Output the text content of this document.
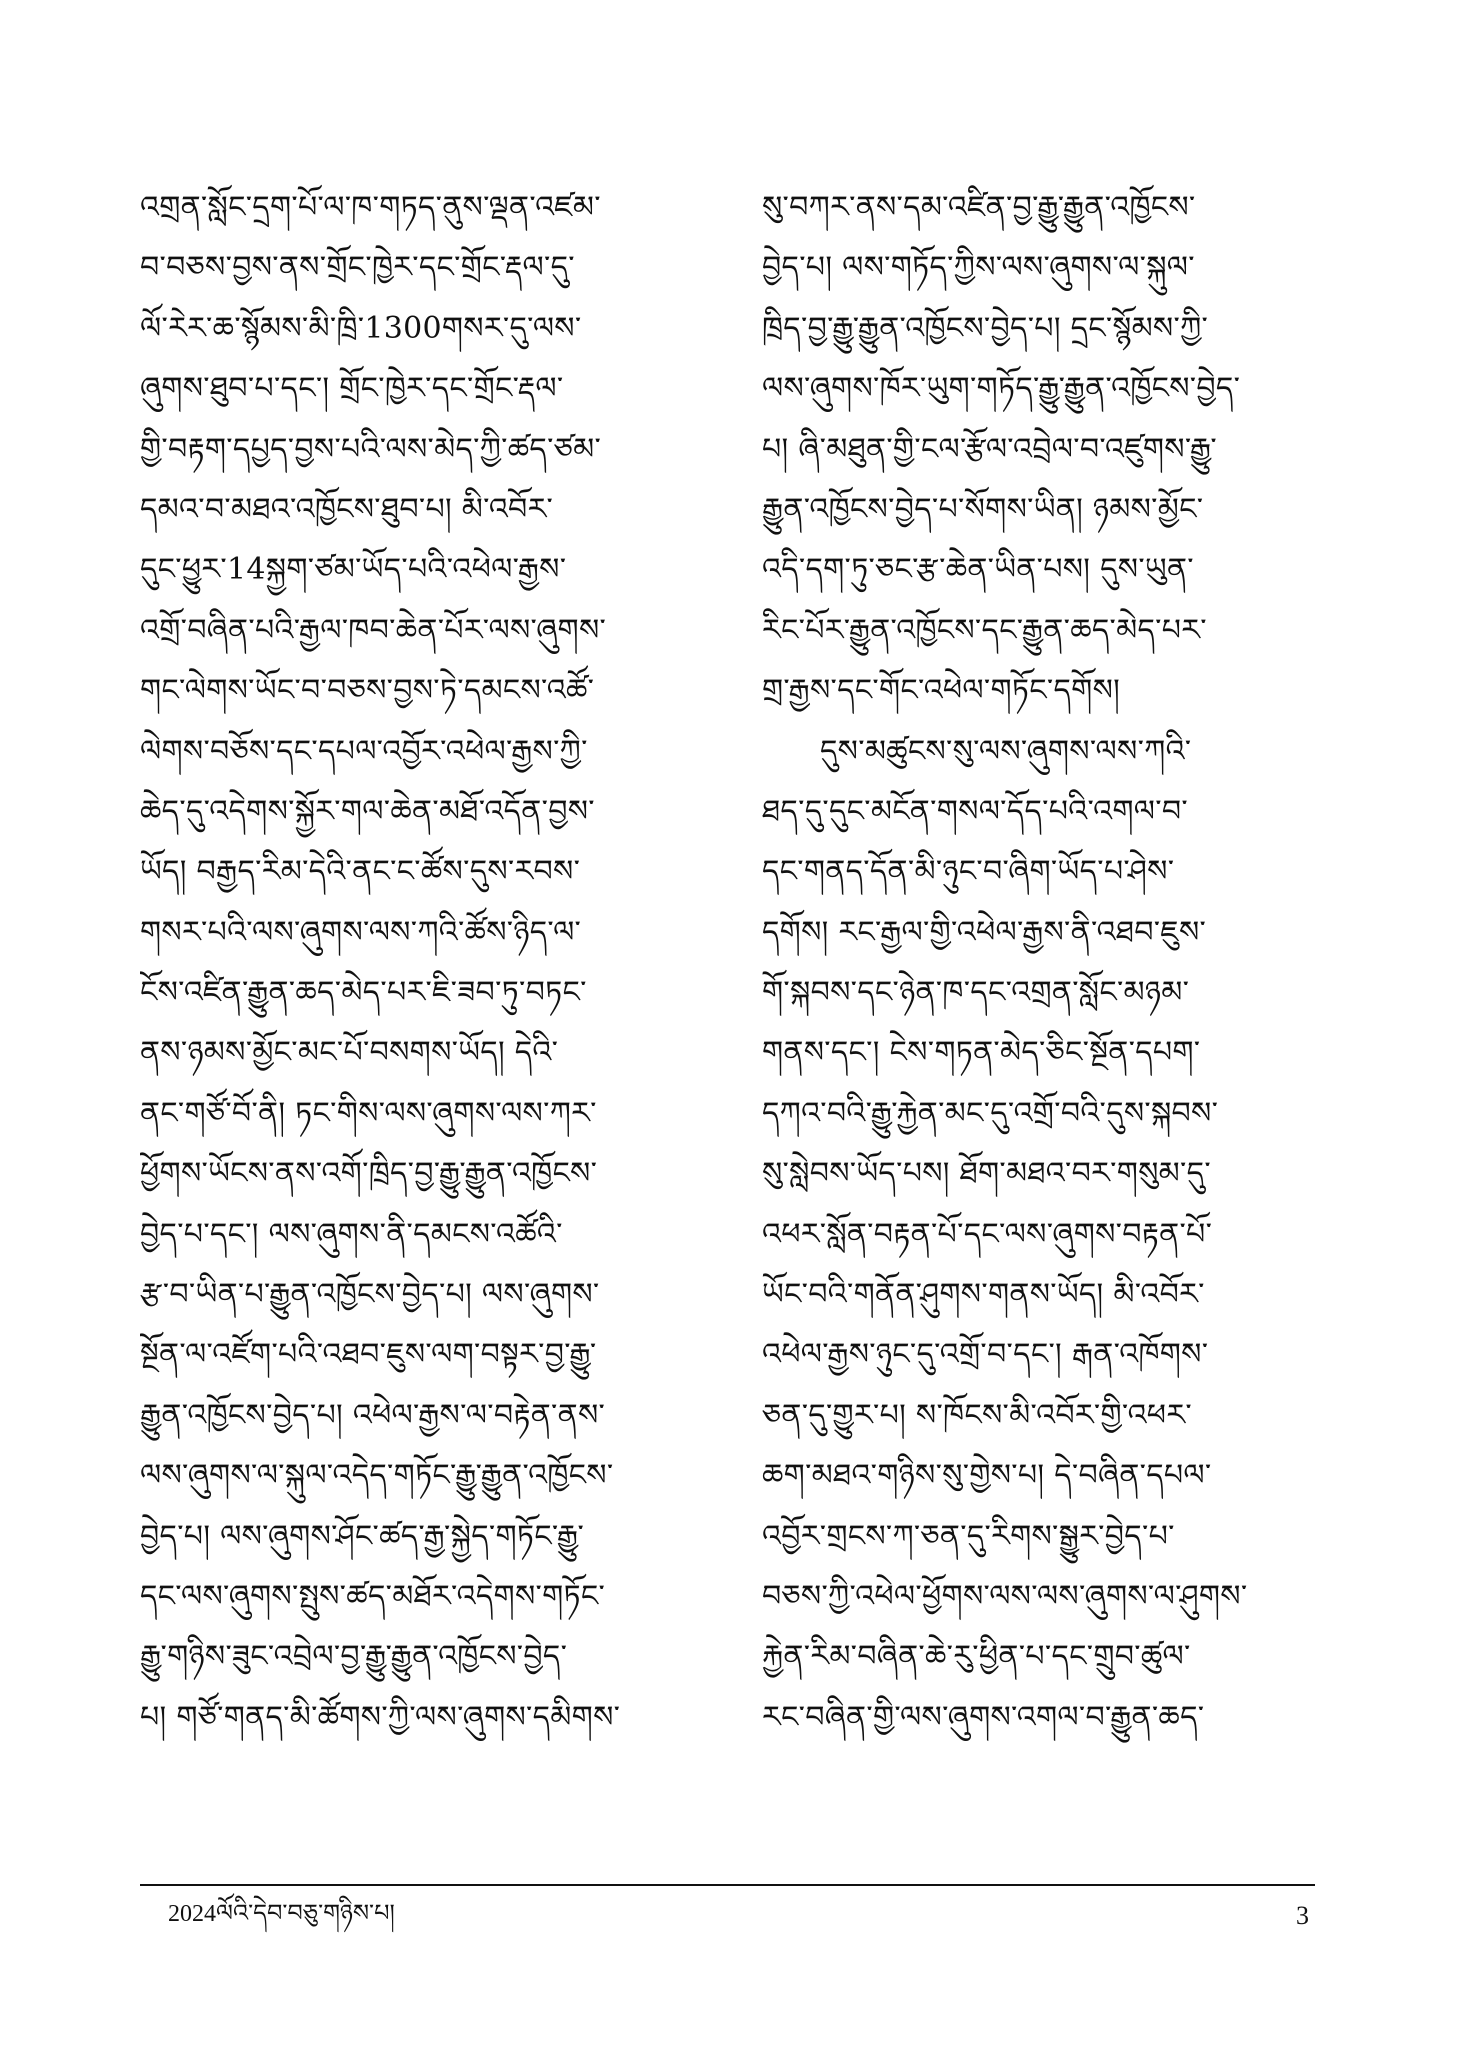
འགྲན་སློང་དྲག་པོ་ལ་ཁ་གཏད་ནུས་ལྡན་འཛམ་
བ་བཅས་བྱས་ནས་གྲོང་ཁྱེར་དང་གྲོང་རྡལ་དུ་
ལོ་རེར་ཆ་སྙོམས་མི་ཁྲི་1300གསར་དུ་ལས་
ཞུགས་ཐུབ་པ་དང་། གྲོང་ཁྱེར་དང་གྲོང་རྡལ་
གྱི་བརྟག་དཔྱད་བྱས་པའི་ལས་མེད་ཀྱི་ཚད་ཙམ་
དམའ་བ་མཐའ་འཁྱོངས་ཐུབ་པ། མི་འབོར་
དུང་ཕྱུར་14སྐྱག་ཙམ་ཡོད་པའི་འཕེལ་རྒྱས་
འགྲོ་བཞིན་པའི་རྒྱལ་ཁབ་ཆེན་པོར་ལས་ཞུགས་
གང་ལེགས་ཡོང་བ་བཅས་བྱས་ཏེ་དམངས་འཚོ་
ལེགས་བཅོས་དང་དཔལ་འབྱོར་འཕེལ་རྒྱས་ཀྱི་
ཆེད་དུ་འདེགས་སྐྱོར་གལ་ཆེན་མཐོ་འདོན་བྱས་
ཡོད། བརྒྱད་རིམ་དེའི་ནང་ང་ཚོས་དུས་རབས་
གསར་པའི་ལས་ཞུགས་ལས་ཀའི་ཚོས་ཉིད་ལ་
ངོས་འཛིན་རྒྱུན་ཆད་མེད་པར་ཇི་ཟབ་ཏུ་བཏང་
ནས་ཉམས་མྱོང་མང་པོ་བསགས་ཡོད། དེའི་
ནང་གཙོ་བོ་ནི། ཏང་གིས་ལས་ཞུགས་ལས་ཀར་
ཕྱོགས་ཡོངས་ནས་འགོ་ཁྲིད་བྱ་རྒྱུ་རྒྱུན་འཁྱོངས་
བྱེད་པ་དང་། ལས་ཞུགས་ནི་དམངས་འཚོའི་
རྩ་བ་ཡིན་པ་རྒྱུན་འཁྱོངས་བྱེད་པ། ལས་ཞུགས་
སྔོན་ལ་འཛོག་པའི་འཐབ་ཇུས་ལག་བསྟར་བྱ་རྒྱུ་
རྒྱུན་འཁྱོངས་བྱེད་པ། འཕེལ་རྒྱས་ལ་བརྟེན་ནས་
ལས་ཞུགས་ལ་སྐུལ་འདེད་གཏོང་རྒྱུ་རྒྱུན་འཁྱོངས་
བྱེད་པ། ལས་ཞུགས་ཤོང་ཚད་རྒྱ་སྐྱེད་གཏོང་རྒྱུ་
དང་ལས་ཞུགས་སྤུས་ཚད་མཐོར་འདེགས་གཏོང་
རྒྱུ་གཉིས་ཟུང་འབྲེལ་བྱ་རྒྱུ་རྒྱུན་འཁྱོངས་བྱེད་
པ། གཙོ་གནད་མི་ཚོགས་ཀྱི་ལས་ཞུགས་དམིགས་
སུ་བཀར་ནས་དམ་འཛིན་བྱ་རྒྱུ་རྒྱུན་འཁྱོངས་
བྱེད་པ། ལས་གཏོད་ཀྱིས་ལས་ཞུགས་ལ་སྐུལ་
ཁྲིད་བྱ་རྒྱུ་རྒྱུན་འཁྱོངས་བྱེད་པ། དྲང་སྙོམས་ཀྱི་
ལས་ཞུགས་ཁོར་ཡུག་གཏོད་རྒྱུ་རྒྱུན་འཁྱོངས་བྱེད་
པ། ཞི་མཐུན་གྱི་ངལ་རྩོལ་འབྲེལ་བ་འཛུགས་རྒྱུ་
རྒྱུན་འཁྱོངས་བྱེད་པ་སོགས་ཡིན། ཉམས་མྱོང་
འདི་དག་ཏུ་ཅང་རྩ་ཆེན་ཡིན་པས། དུས་ཡུན་
རིང་པོར་རྒྱུན་འཁྱོངས་དང་རྒྱུན་ཆད་མེད་པར་
གྲ་རྒྱས་དང་གོང་འཕེལ་གཏོང་དགོས།
དུས་མཚུངས་སུ་ལས་ཞུགས་ལས་ཀའི་
ཐད་དུ་དུང་མངོན་གསལ་དོད་པའི་འགལ་བ་
དང་གནད་དོན་མི་ཉུང་བ་ཞིག་ཡོད་པ་ཤེས་
དགོས། རང་རྒྱལ་གྱི་འཕེལ་རྒྱས་ནི་འཐབ་ཇུས་
གོ་སྐབས་དང་ཉེན་ཁ་དང་འགྲན་སློང་མཉམ་
གནས་དང་། ངེས་གཏན་མེད་ཅིང་སྔོན་དཔག་
དཀའ་བའི་རྒྱུ་རྐྱེན་མང་དུ་འགྲོ་བའི་དུས་སྐབས་
སུ་སླེབས་ཡོད་པས། ཐོག་མཐའ་བར་གསུམ་དུ་
འཕར་སློན་བརྟན་པོ་དང་ལས་ཞུགས་བརྟན་པོ་
ཡོང་བའི་གནོན་ཤུགས་གནས་ཡོད། མི་འབོར་
འཕེལ་རྒྱས་ཉུང་དུ་འགྲོ་བ་དང་། རྒན་འཁོགས་
ཅན་དུ་གྱུར་པ། ས་ཁོངས་མི་འབོར་གྱི་འཕར་
ཆག་མཐའ་གཉིས་སུ་གྱེས་པ། དེ་བཞིན་དཔལ་
འབྱོར་གྲངས་ཀ་ཅན་དུ་རིགས་སྒྱུར་བྱེད་པ་
བཅས་ཀྱི་འཕེལ་ཕྱོགས་ལས་ལས་ཞུགས་ལ་ཤུགས་
རྐྱེན་རིམ་བཞིན་ཆེ་རུ་ཕྱིན་པ་དང་གྲུབ་ཚུལ་
རང་བཞིན་གྱི་ལས་ཞུགས་འགལ་བ་རྒྱུན་ཆད་
2024ལོའི་དེབ་བཅུ་གཉིས་པ།	3
